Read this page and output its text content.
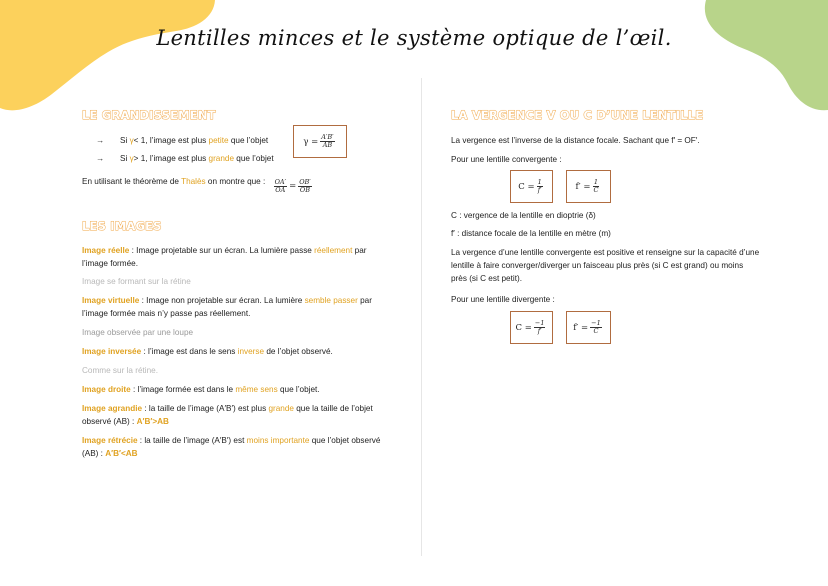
Lentilles minces et le système optique de l’œil.
LE GRANDISSEMENT
→ Si γ< 1, l’image est plus petite que l’objet
→ Si γ> 1, l’image est plus grande que l’objet
γ
= $\frac{A'B'}{AB}$
En utilisant le théorème de Thalès on montre que : $\frac{OA'}{OA} = \frac{OB'}{OB}$
LES IMAGES
Image réelle : Image projetable sur un écran. La lumière passe réellement par l’image formée.
Image se formant sur la rétine
Image virtuelle : Image non projetable sur écran. La lumière semble passer par l’image formée mais n’y passe pas réellement.
Image observée par une loupe
Image inversée : l’image est dans le sens inverse de l’objet observé.
Comme sur la rétine.
Image droite : l’image formée est dans le même sens que l’objet.
Image agrandie : la taille de l’image (A′B′) est plus grande que la taille de l’objet observé (AB) : A′B′>AB
Image rétrécie : la taille de l’image (A′B′) est moins importante que l’objet observé (AB) : A′B′<AB
LA VERGENCE V OU C D’UNE LENTILLE
La vergence est l’inverse de la distance focale. Sachant que f′ = OF′.
Pour une lentille convergente :
C
= $\frac{1}{f'}$	f′
= $\frac{1}{C}$
C : vergence de la lentille en dioptrie (δ)
f′ : distance focale de la lentille en mètre (m)
La vergence d’une lentille convergente est positive et renseigne sur la capacité d’une lentille à faire converger/diverger un faisceau plus près (si C est grand) ou moins près (si C est petit).
Pour une lentille divergente :
C
= $\frac{-1}{f'}$	f′
= $\frac{-1}{C}$
